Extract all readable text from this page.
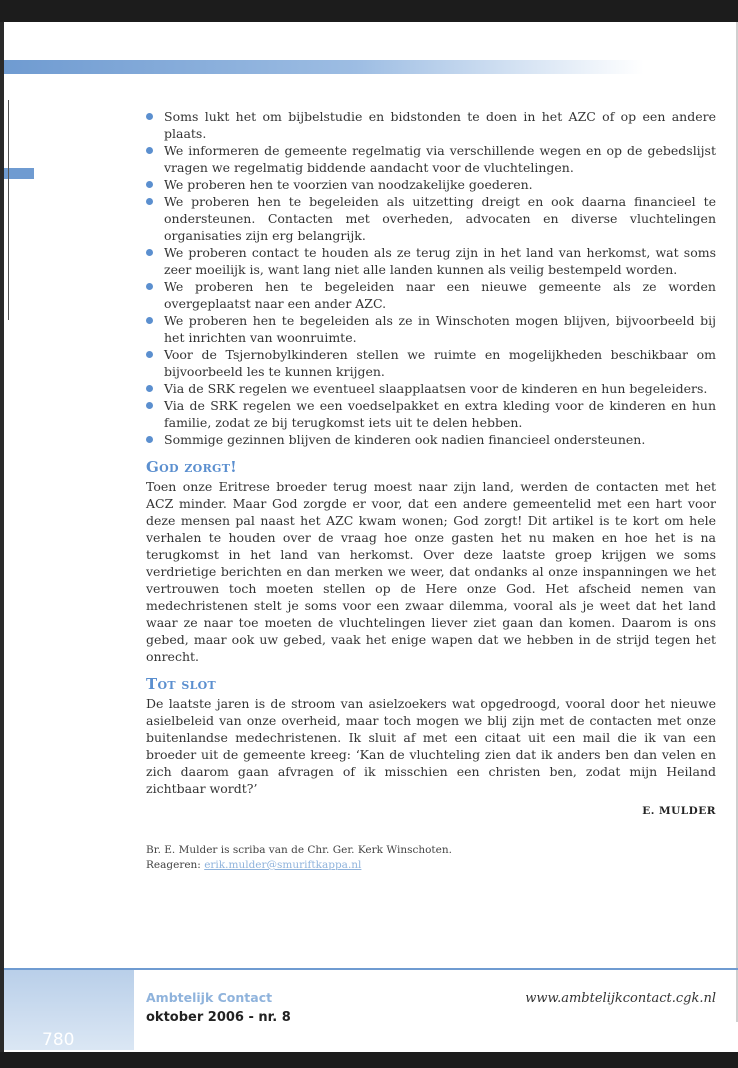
Soms lukt het om bijbelstudie en bidstonden te doen in het AZC of op een andere plaats.
We informeren de gemeente regelmatig via verschillende wegen en op de gebedslijst vragen we regelmatig biddende aandacht voor de vluchtelingen.
We proberen hen te voorzien van noodzakelijke goederen.
We proberen hen te begeleiden als uitzetting dreigt en ook daarna financieel te ondersteunen. Contacten met overheden, advocaten en diverse vluchtelingen organisaties zijn erg belangrijk.
We proberen contact te houden als ze terug zijn in het land van herkomst, wat soms zeer moeilijk is, want lang niet alle landen kunnen als veilig bestempeld worden.
We proberen hen te begeleiden naar een nieuwe gemeente als ze worden overgeplaatst naar een ander AZC.
We proberen hen te begeleiden als ze in Winschoten mogen blijven, bijvoorbeeld bij het inrichten van woonruimte.
Voor de Tsjernobylkinderen stellen we ruimte en mogelijkheden beschikbaar om bijvoorbeeld les te kunnen krijgen.
Via de SRK regelen we eventueel slaapplaatsen voor de kinderen en hun begeleiders.
Via de SRK regelen we een voedselpakket en extra kleding voor de kinderen en hun familie, zodat ze bij terugkomst iets uit te delen hebben.
Sommige gezinnen blijven de kinderen ook nadien financieel ondersteunen.
God zorgt!

Toen onze Eritrese broeder terug moest naar zijn land, werden de contacten met het ACZ minder. Maar God zorgde er voor, dat een andere gemeentelid met een hart voor deze mensen pal naast het AZC kwam wonen; God zorgt! Dit artikel is te kort om hele verhalen te houden over de vraag hoe onze gasten het nu maken en hoe het is na terugkomst in het land van herkomst. Over deze laatste groep krijgen we soms verdrietige berichten en dan merken we weer, dat ondanks al onze inspanningen we het vertrouwen toch moeten stellen op de Here onze God. Het afscheid nemen van medechristenen stelt je soms voor een zwaar dilemma, vooral als je weet dat het land waar ze naar toe moeten de vluchtelingen liever ziet gaan dan komen. Daarom is ons gebed, maar ook uw gebed, vaak het enige wapen dat we hebben in de strijd tegen het onrecht.

Tot slot

De laatste jaren is de stroom van asielzoekers wat opgedroogd, vooral door het nieuwe asielbeleid van onze overheid, maar toch mogen we blij zijn met de contacten met onze buitenlandse medechristenen. Ik sluit af met een citaat uit een mail die ik van een broeder uit de gemeente kreeg: ‘Kan de vluchteling zien dat ik anders ben dan velen en zich daarom gaan afvragen of ik misschien een christen ben, zodat mijn Heiland zichtbaar wordt?’

E. MULDER
Br. E. Mulder is scriba van de Chr. Ger. Kerk Winschoten.
Reageren: erik.mulder@smuriftkappa.nl
780
Ambtelijk Contact
oktober 2006 - nr. 8
www.ambtelijkcontact.cgk.nl
